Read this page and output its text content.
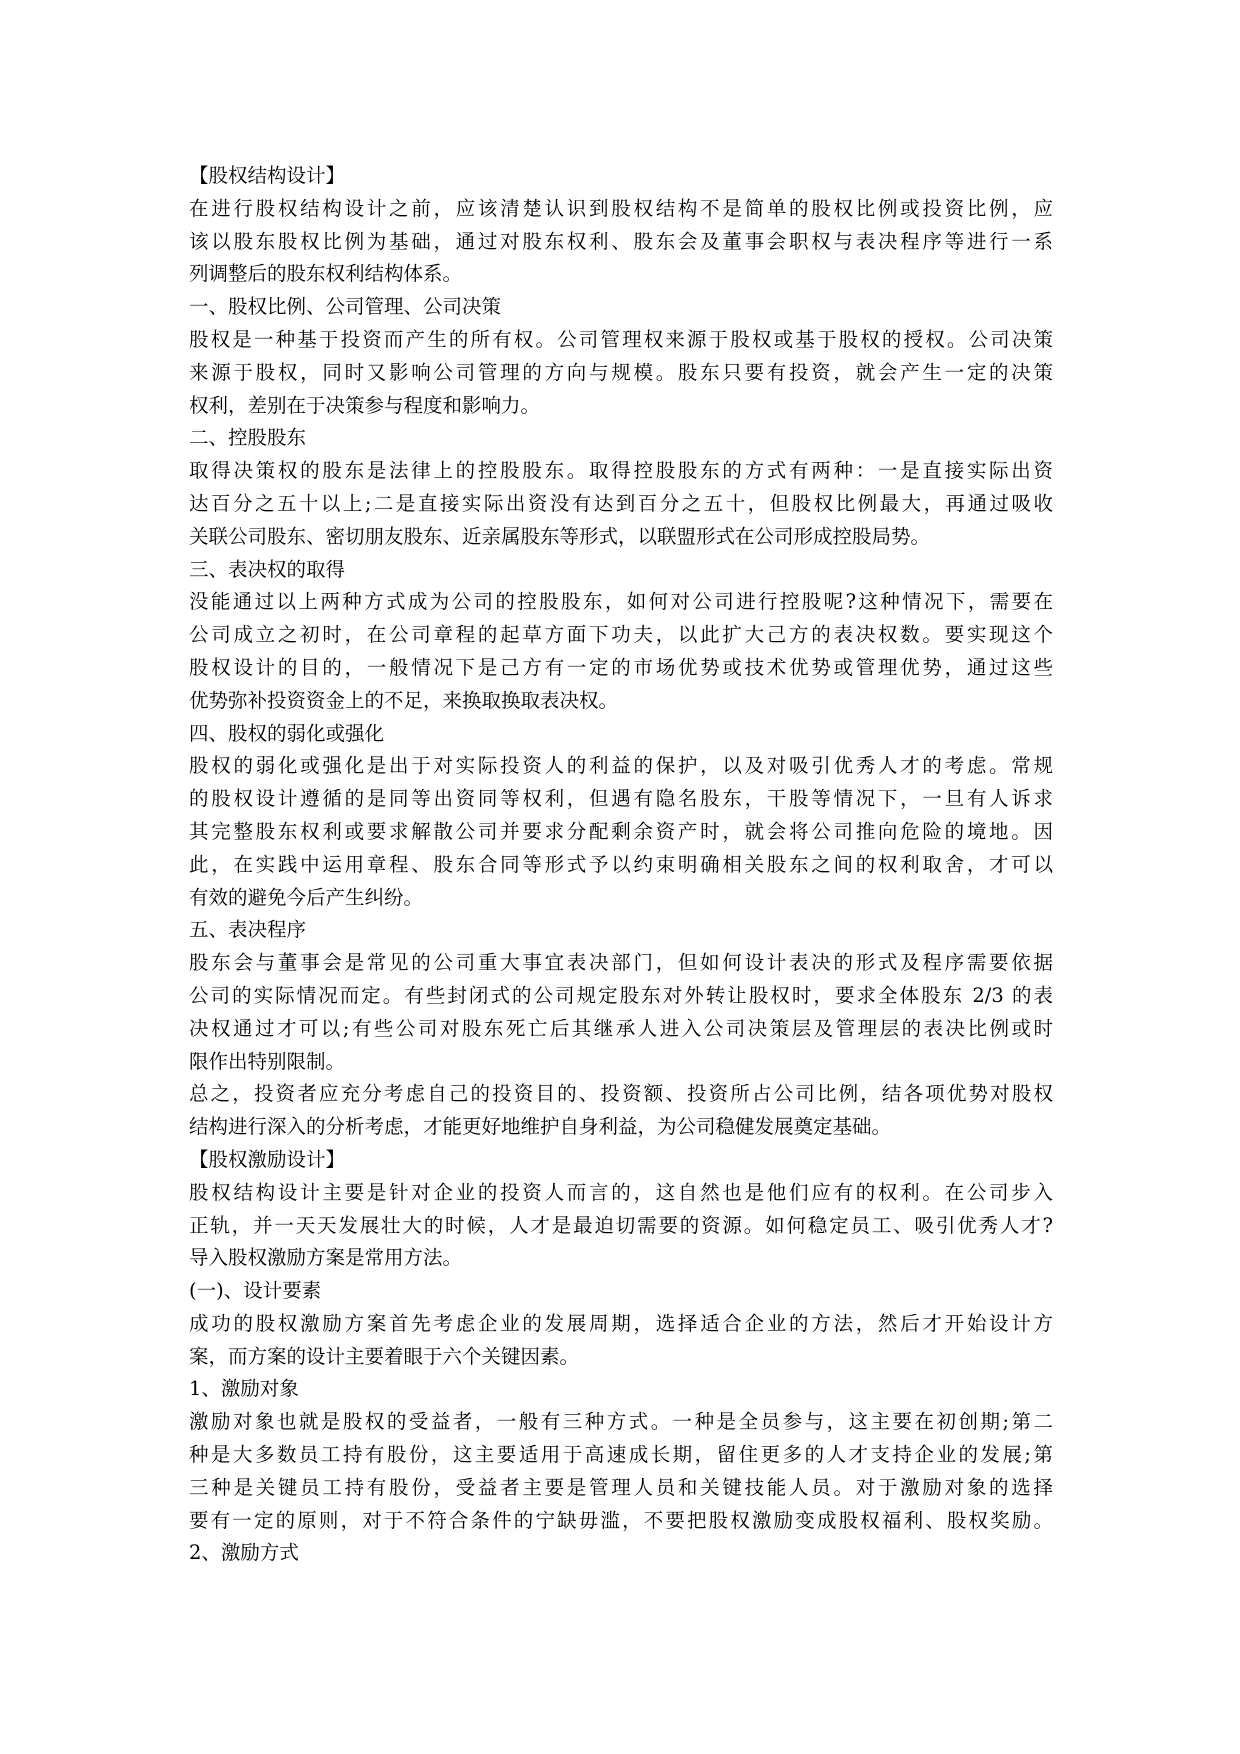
【股权结构设计】
在进行股权结构设计之前，应该清楚认识到股权结构不是简单的股权比例或投资比例，应
该以股东股权比例为基础，通过对股东权利、股东会及董事会职权与表决程序等进行一系
列调整后的股东权利结构体系。
一、股权比例、公司管理、公司决策
股权是一种基于投资而产生的所有权。公司管理权来源于股权或基于股权的授权。公司决策
来源于股权，同时又影响公司管理的方向与规模。股东只要有投资，就会产生一定的决策
权利，差别在于决策参与程度和影响力。
二、控股股东
取得决策权的股东是法律上的控股股东。取得控股股东的方式有两种：一是直接实际出资
达百分之五十以上;二是直接实际出资没有达到百分之五十，但股权比例最大，再通过吸收
关联公司股东、密切朋友股东、近亲属股东等形式，以联盟形式在公司形成控股局势。
三、表决权的取得
没能通过以上两种方式成为公司的控股股东，如何对公司进行控股呢?这种情况下，需要在
公司成立之初时，在公司章程的起草方面下功夫，以此扩大己方的表决权数。要实现这个
股权设计的目的，一般情况下是己方有一定的市场优势或技术优势或管理优势，通过这些
优势弥补投资资金上的不足，来换取换取表决权。
四、股权的弱化或强化
股权的弱化或强化是出于对实际投资人的利益的保护，以及对吸引优秀人才的考虑。常规
的股权设计遵循的是同等出资同等权利，但遇有隐名股东，干股等情况下，一旦有人诉求
其完整股东权利或要求解散公司并要求分配剩余资产时，就会将公司推向危险的境地。因
此，在实践中运用章程、股东合同等形式予以约束明确相关股东之间的权利取舍，才可以
有效的避免今后产生纠纷。
五、表决程序
股东会与董事会是常见的公司重大事宜表决部门，但如何设计表决的形式及程序需要依据
公司的实际情况而定。有些封闭式的公司规定股东对外转让股权时，要求全体股东 2/3 的表
决权通过才可以;有些公司对股东死亡后其继承人进入公司决策层及管理层的表决比例或时
限作出特别限制。
总之，投资者应充分考虑自己的投资目的、投资额、投资所占公司比例，结各项优势对股权
结构进行深入的分析考虑，才能更好地维护自身利益，为公司稳健发展奠定基础。
【股权激励设计】
股权结构设计主要是针对企业的投资人而言的，这自然也是他们应有的权利。在公司步入
正轨，并一天天发展壮大的时候，人才是最迫切需要的资源。如何稳定员工、吸引优秀人才?
导入股权激励方案是常用方法。
(一)、设计要素
成功的股权激励方案首先考虑企业的发展周期，选择适合企业的方法，然后才开始设计方
案，而方案的设计主要着眼于六个关键因素。
1、激励对象
激励对象也就是股权的受益者，一般有三种方式。一种是全员参与，这主要在初创期;第二
种是大多数员工持有股份，这主要适用于高速成长期，留住更多的人才支持企业的发展;第
三种是关键员工持有股份，受益者主要是管理人员和关键技能人员。对于激励对象的选择
要有一定的原则，对于不符合条件的宁缺毋滥，不要把股权激励变成股权福利、股权奖励。
2、激励方式
